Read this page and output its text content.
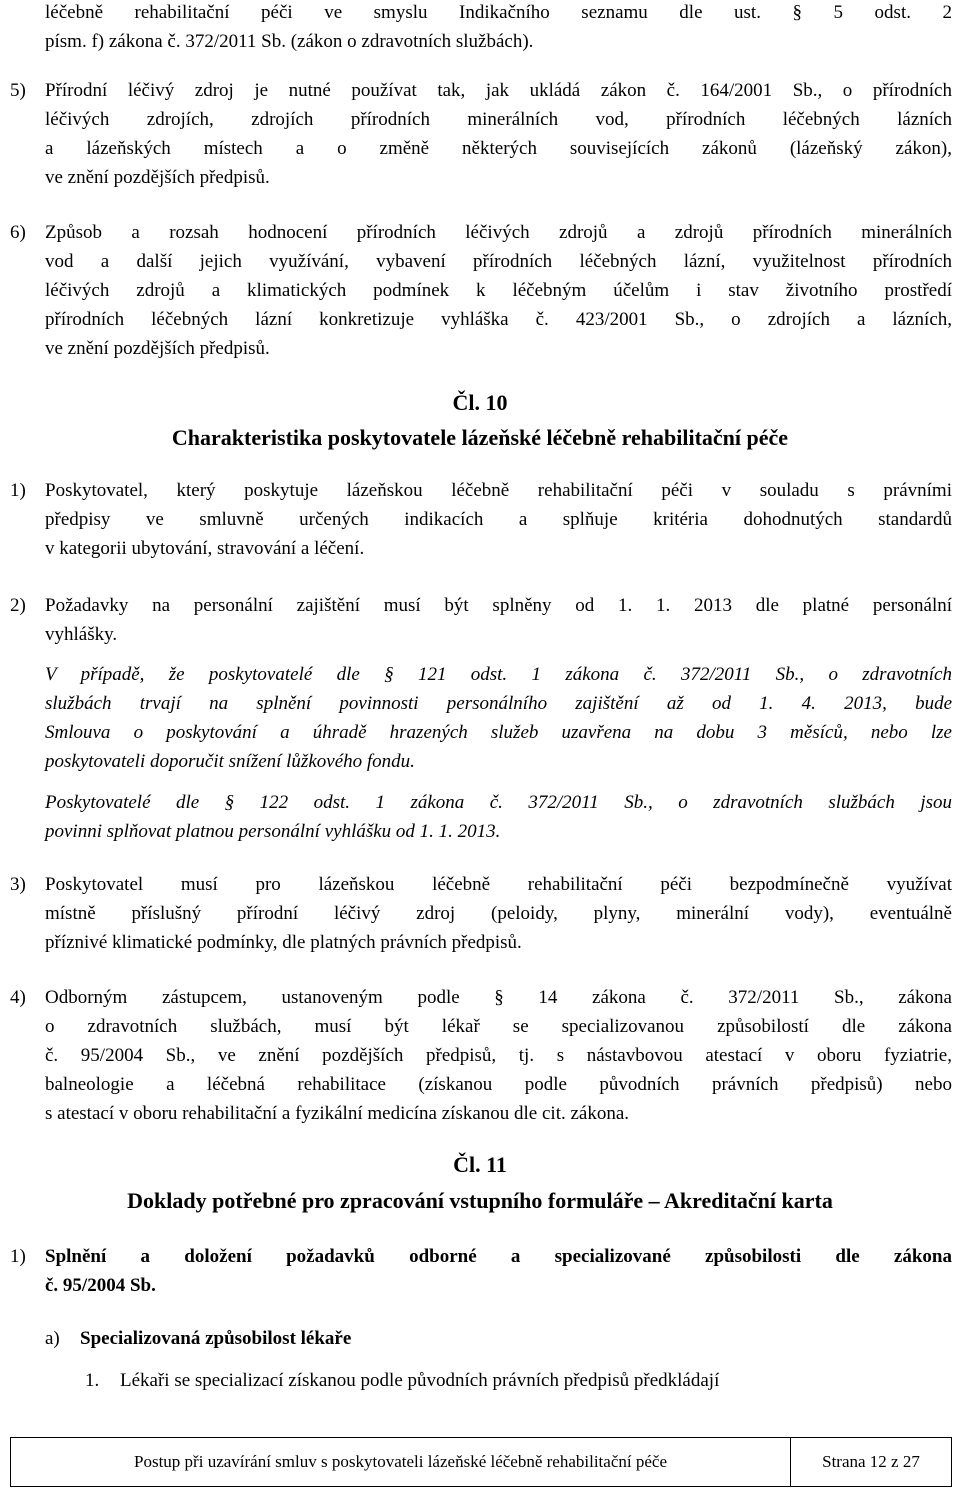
léčebně rehabilitační péči ve smyslu Indikačního seznamu dle ust. § 5 odst. 2
písm. f) zákona č. 372/2011 Sb. (zákon o zdravotních službách).
5) Přírodní léčivý zdroj je nutné používat tak, jak ukládá zákon č. 164/2001 Sb., o přírodních
léčivých zdrojích, zdrojích přírodních minerálních vod, přírodních léčebných lázních
a lázeňských místech a o změně některých souvisejících zákonů (lázeňský zákon),
ve znění pozdějších předpisů.
6) Způsob a rozsah hodnocení přírodních léčivých zdrojů a zdrojů přírodních minerálních
vod a další jejich využívání, vybavení přírodních léčebných lázní, využitelnost přírodních
léčivých zdrojů a klimatických podmínek k léčebným účelům i stav životního prostředí
přírodních léčebných lázní konkretizuje vyhláška č. 423/2001 Sb., o zdrojích a lázních,
ve znění pozdějších předpisů.
Čl. 10
Charakteristika poskytovatele lázeňské léčebně rehabilitační péče
1) Poskytovatel, který poskytuje lázeňskou léčebně rehabilitační péči v souladu s právními
předpisy ve smluvně určených indikacích a splňuje kritéria dohodnutých standardů
v kategorii ubytování, stravování a léčení.
2) Požadavky na personální zajištění musí být splněny od 1. 1. 2013 dle platné personální
vyhlášky.
V případě, že poskytovatelé dle § 121 odst. 1 zákona č. 372/2011 Sb., o zdravotních
službách trvají na splnění povinnosti personálního zajištění až od 1. 4. 2013, bude
Smlouva o poskytování a úhradě hrazených služeb uzavřena na dobu 3 měsíců, nebo lze
poskytovateli doporučit snížení lůžkového fondu.
Poskytovatelé dle § 122 odst. 1 zákona č. 372/2011 Sb., o zdravotních službách jsou
povinni splňovat platnou personální vyhlášku od 1. 1. 2013.
3) Poskytovatel musí pro lázeňskou léčebně rehabilitační péči bezpodmínečně využívat
místně příslušný přírodní léčivý zdroj (peloidy, plyny, minerální vody), eventuálně
příznivé klimatické podmínky, dle platných právních předpisů.
4) Odborným zástupcem, ustanoveným podle § 14 zákona č. 372/2011 Sb., zákona
o zdravotních službách, musí být lékař se specializovanou způsobilostí dle zákona
č. 95/2004 Sb., ve znění pozdějších předpisů, tj. s nástavbovou atestací v oboru fyziatrie,
balneologie a léčebná rehabilitace (získanou podle původních právních předpisů) nebo
s atestací v oboru rehabilitační a fyzikální medicína získanou dle cit. zákona.
Čl. 11
Doklady potřebné pro zpracování vstupního formuláře – Akreditační karta
1) Splnění a doložení požadavků odborné a specializované způsobilosti dle zákona
č. 95/2004 Sb.
a)	Specializovaná způsobilost lékaře
1.	Lékaři se specializací získanou podle původních právních předpisů předkládají
Postup při uzavírání smluv s poskytovateli lázeňské léčebně rehabilitační péče	Strana 12 z 27
